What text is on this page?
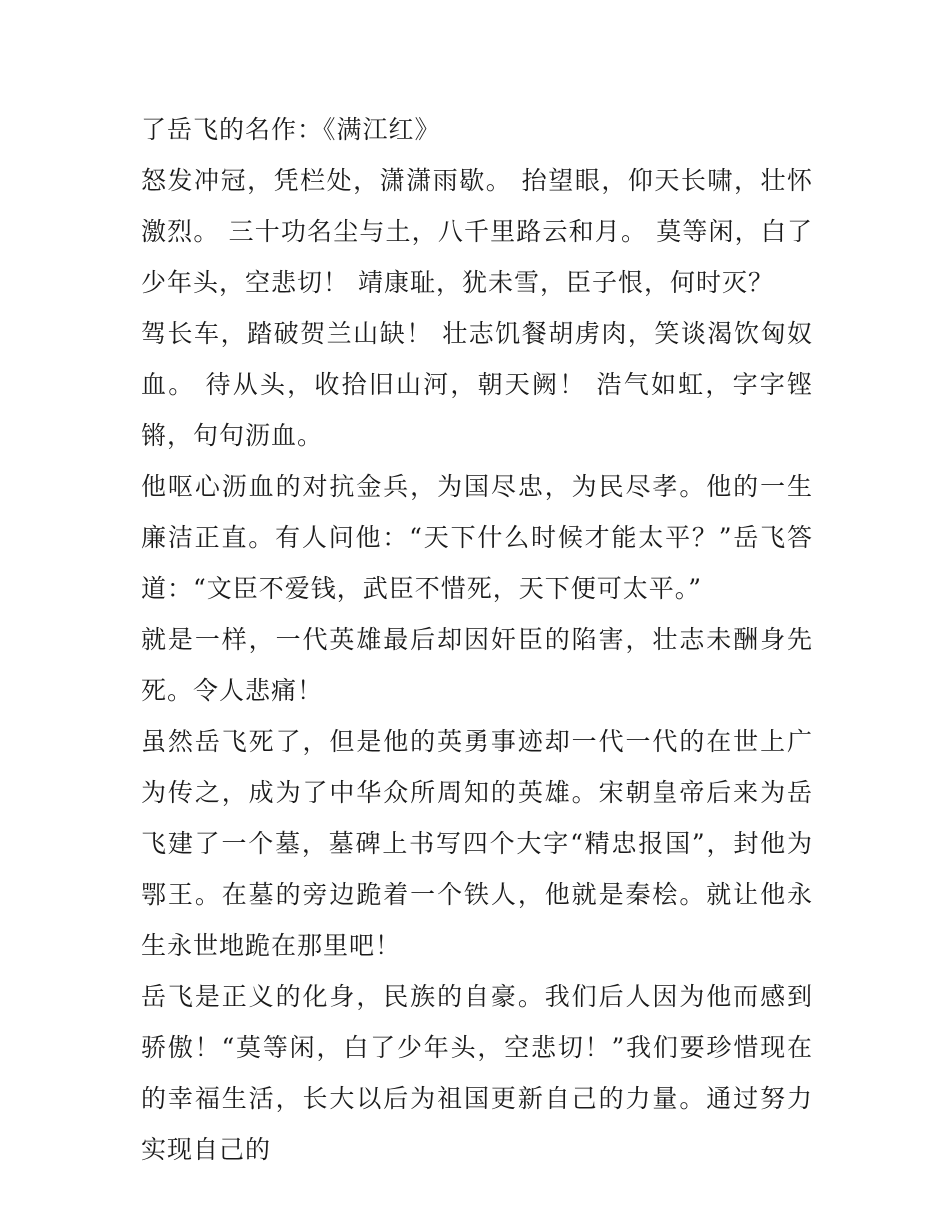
了岳飞的名作：《满江红》

怒发冲冠，凭栏处，潇潇雨歇。 抬望眼，仰天长啸，壮怀激烈。 三十功名尘与土，八千里路云和月。 莫等闲，白了少年头，空悲切！ 靖康耻，犹未雪，臣子恨，何时灭？

驾长车，踏破贺兰山缺！ 壮志饥餐胡虏肉，笑谈渴饮匈奴血。 待从头，收拾旧山河，朝天阙！ 浩气如虹，字字铿锵，句句沥血。

他呕心沥血的对抗金兵，为国尽忠，为民尽孝。他的一生廉洁正直。有人问他：“天下什么时候才能太平？”岳飞答道：“文臣不爱钱，武臣不惜死，天下便可太平。”

就是一样，一代英雄最后却因奸臣的陷害，壮志未酬身先死。令人悲痛！

虽然岳飞死了，但是他的英勇事迹却一代一代的在世上广为传之，成为了中华众所周知的英雄。宋朝皇帝后来为岳飞建了一个墓，墓碑上书写四个大字“精忠报国”，封他为鄂王。在墓的旁边跪着一个铁人，他就是秦桧。就让他永生永世地跪在那里吧！

岳飞是正义的化身，民族的自豪。我们后人因为他而感到骄傲！“莫等闲，白了少年头，空悲切！”我们要珍惜现在的幸福生活，长大以后为祖国更新自己的力量。通过努力实现自己的
